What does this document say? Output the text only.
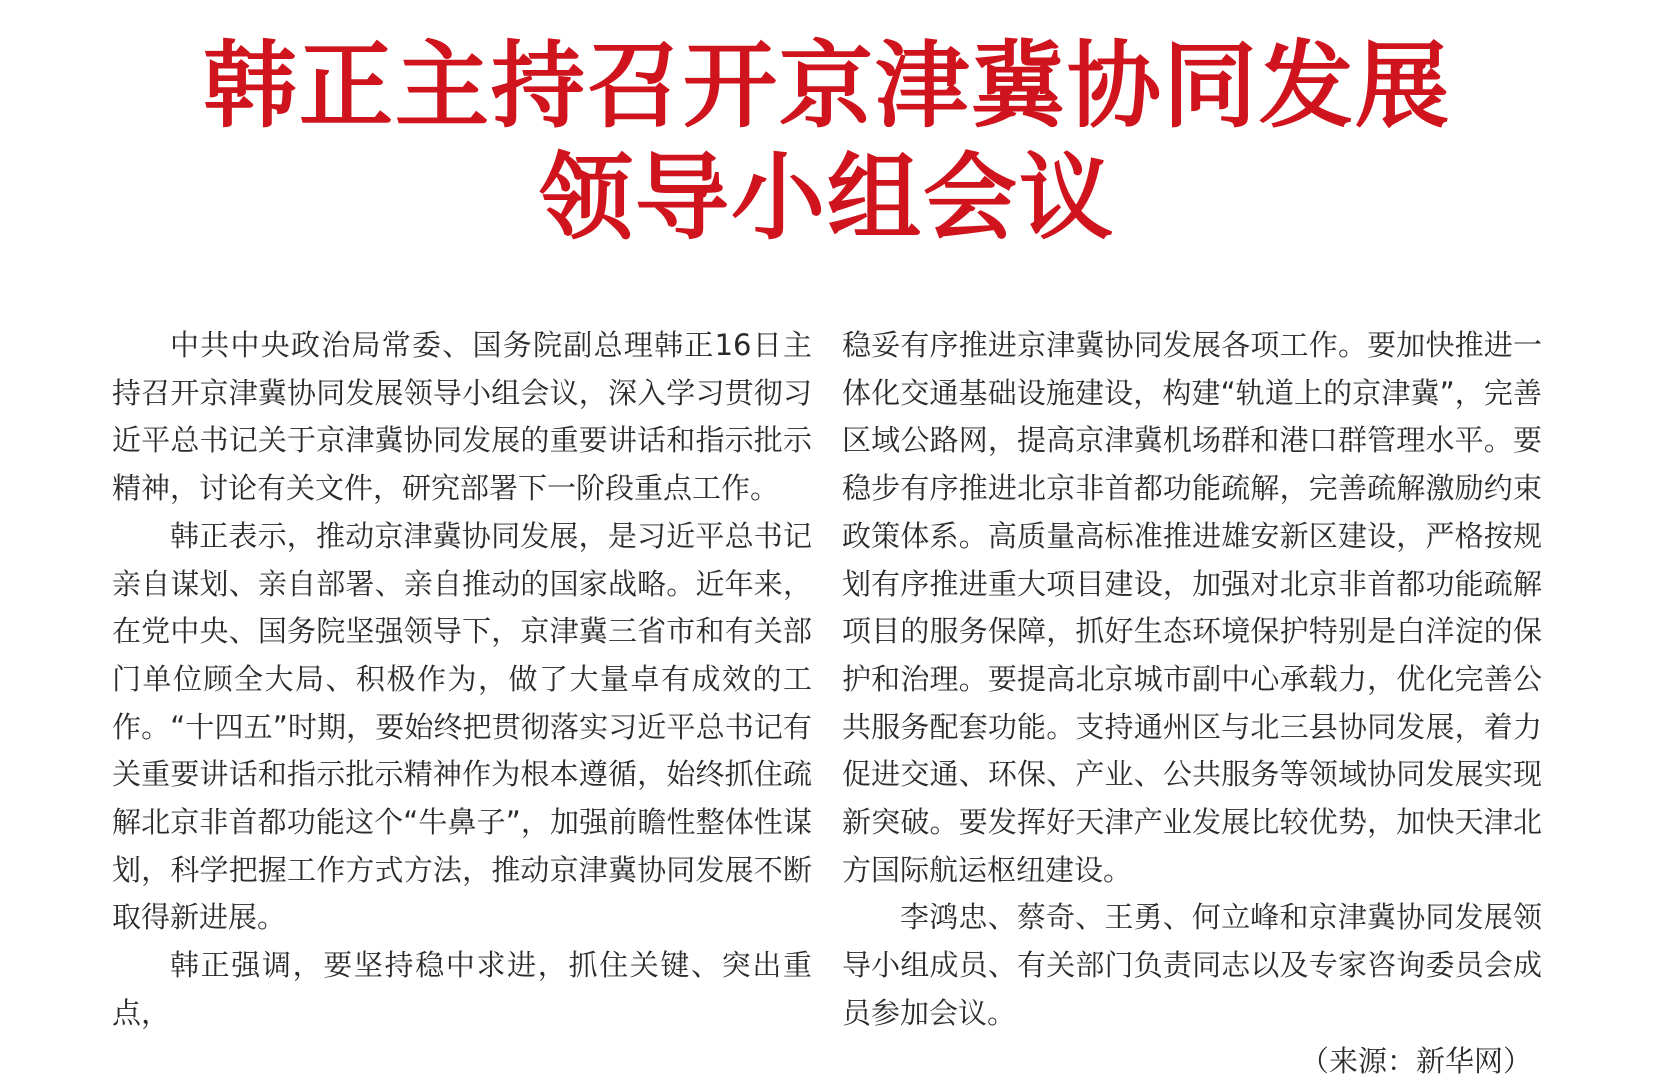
韩正主持召开京津冀协同发展
领导小组会议

中共中央政治局常委、国务院副总理韩正16日主持召开京津冀协同发展领导小组会议，深入学习贯彻习近平总书记关于京津冀协同发展的重要讲话和指示批示精神，讨论有关文件，研究部署下一阶段重点工作。

韩正表示，推动京津冀协同发展，是习近平总书记亲自谋划、亲自部署、亲自推动的国家战略。近年来，在党中央、国务院坚强领导下，京津冀三省市和有关部门单位顾全大局、积极作为，做了大量卓有成效的工作。“十四五”时期，要始终把贯彻落实习近平总书记有关重要讲话和指示批示精神作为根本遵循，始终抓住疏解北京非首都功能这个“牛鼻子”，加强前瞻性整体性谋划，科学把握工作方式方法，推动京津冀协同发展不断取得新进展。

韩正强调，要坚持稳中求进，抓住关键、突出重点，

稳妥有序推进京津冀协同发展各项工作。要加快推进一体化交通基础设施建设，构建“轨道上的京津冀”，完善区域公路网，提高京津冀机场群和港口群管理水平。要稳步有序推进北京非首都功能疏解，完善疏解激励约束政策体系。高质量高标准推进雄安新区建设，严格按规划有序推进重大项目建设，加强对北京非首都功能疏解项目的服务保障，抓好生态环境保护特别是白洋淀的保护和治理。要提高北京城市副中心承载力，优化完善公共服务配套功能。支持通州区与北三县协同发展，着力促进交通、环保、产业、公共服务等领域协同发展实现新突破。要发挥好天津产业发展比较优势，加快天津北方国际航运枢纽建设。

李鸿忠、蔡奇、王勇、何立峰和京津冀协同发展领导小组成员、有关部门负责同志以及专家咨询委员会成员参加会议。

（来源：新华网）
